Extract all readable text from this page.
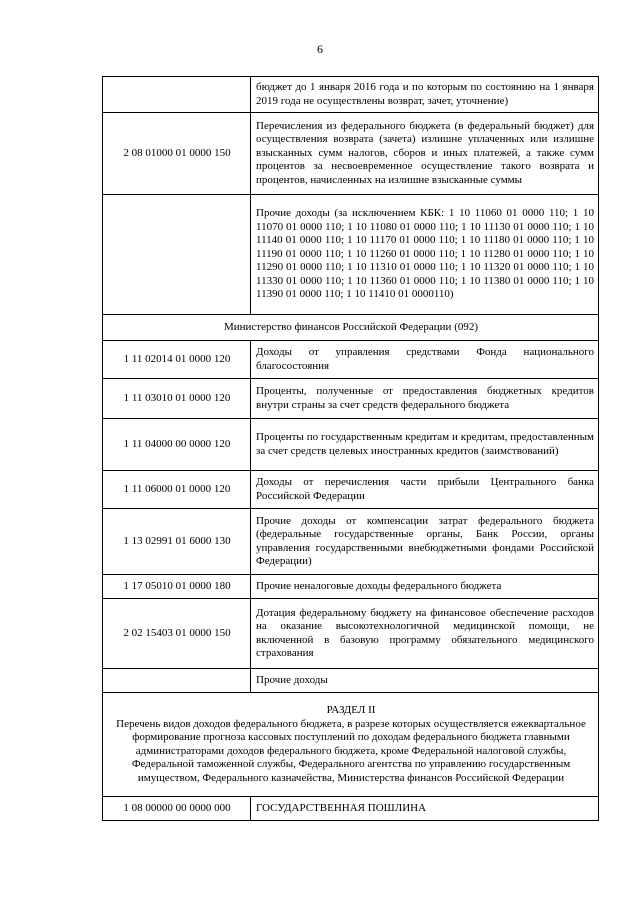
6
	бюджет до 1 января 2016 года и по которым по состоянию на 1 января 2019 года не осуществлены возврат, зачет, уточнение)
2 08 01000 01 0000 150	Перечисления из федерального бюджета (в федеральный бюджет) для осуществления возврата (зачета) излишне уплаченных или излишне взысканных сумм налогов, сборов и иных платежей, а также сумм процентов за несвоевременное осуществление такого возврата и процентов, начисленных на излишне взысканные суммы
	Прочие доходы (за исключением КБК: 1 10 11060 01 0000 110; 1 10 11070 01 0000 110; 1 10 11080 01 0000 110; 1 10 11130 01 0000 110; 1 10 11140 01 0000 110; 1 10 11170 01 0000 110; 1 10 11180 01 0000 110; 1 10 11190 01 0000 110; 1 10 11260 01 0000 110; 1 10 11280 01 0000 110; 1 10 11290 01 0000 110; 1 10 11310 01 0000 110; 1 10 11320 01 0000 110; 1 10 11330 01 0000 110; 1 10 11360 01 0000 110; 1 10 11380 01 0000 110; 1 10 11390 01 0000 110; 1 10 11410 01 0000110)
Министерство финансов Российской Федерации (092)	
1 11 02014 01 0000 120	Доходы от управления средствами Фонда национального благосостояния
1 11 03010 01 0000 120	Проценты, полученные от предоставления бюджетных кредитов внутри страны за счет средств федерального бюджета
1 11 04000 00 0000 120	Проценты по государственным кредитам и кредитам, предоставленным за счет средств целевых иностранных кредитов (заимствований)
1 11 06000 01 0000 120	Доходы от перечисления части прибыли Центрального банка Российской Федерации
1 13 02991 01 6000 130	Прочие доходы от компенсации затрат федерального бюджета (федеральные государственные органы, Банк России, органы управления государственными внебюджетными фондами Российской Федерации)
1 17 05010 01 0000 180	Прочие неналоговые доходы федерального бюджета
2 02 15403 01 0000 150	Дотация федеральному бюджету на финансовое обеспечение расходов на оказание высокотехнологичной медицинской помощи, не включенной в базовую программу обязательного медицинского страхования
	Прочие доходы

РАЗДЕЛ II
Перечень видов доходов федерального бюджета, в разрезе которых осуществляется ежеквартальное формирование прогноза кассовых поступлений по доходам федерального бюджета главными администраторами доходов федерального бюджета, кроме Федеральной налоговой службы, Федеральной таможенной службы, Федерального агентства по управлению государственным имуществом, Федерального казначейства, Министерства финансов Российской Федерации	
1 08 00000 00 0000 000	ГОСУДАРСТВЕННАЯ ПОШЛИНА
